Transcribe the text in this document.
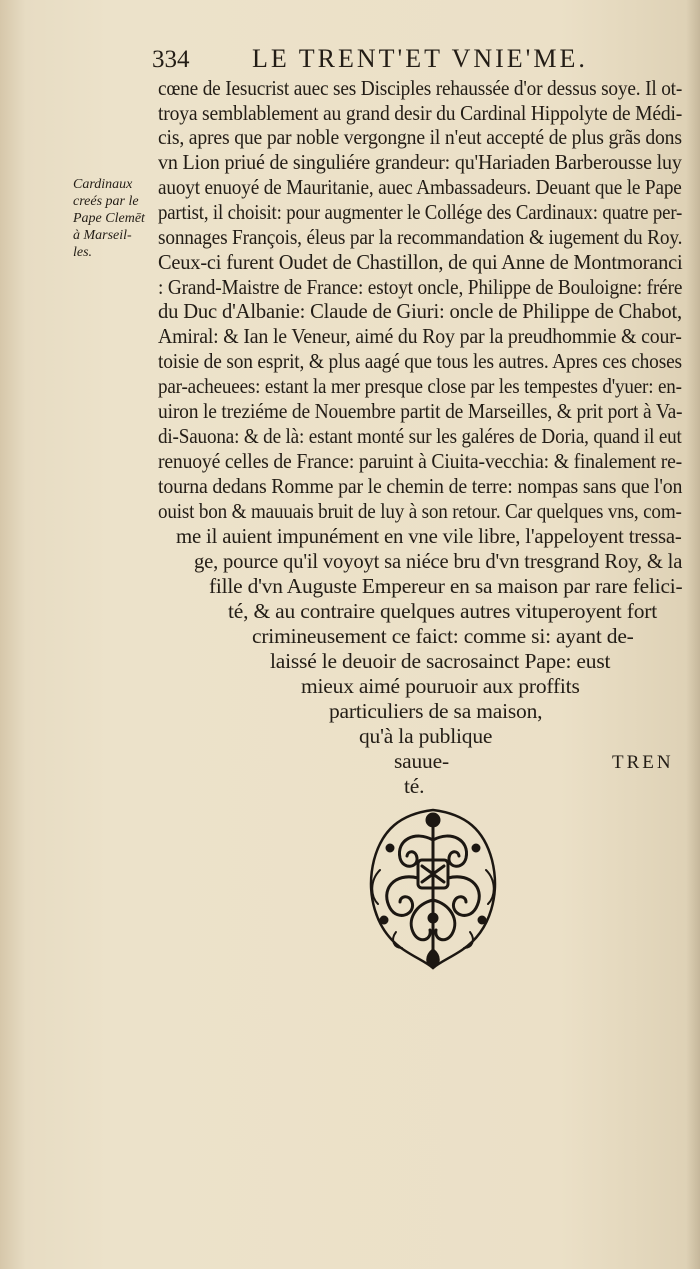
334 LE TRENT'ET VNIE'ME.
Cardinaux
creés par le
Pape Clemēt
à Marseil-
les.
cœne de Iesucrist auec ses Disciples rehaussée d'or dessus soye. Il ot-
troya semblablement au grand desir du Cardinal Hippolyte de Médi-
cis, apres que par noble vergongne il n'eut accepté de plus grãs dons
vn Lion priué de singuliére grandeur: qu'Hariaden Barberousse luy
auoyt enuoyé de Mauritanie, auec Ambassadeurs. Deuant que le Pape
partist, il choisit: pour augmenter le Collége des Cardinaux: quatre per-
sonnages François, éleus par la recommandation & iugement du Roy.
Ceux-ci furent Oudet de Chastillon, de qui Anne de Montmoranci
: Grand-Maistre de France: estoyt oncle, Philippe de Bouloigne: frére
du Duc d'Albanie: Claude de Giuri: oncle de Philippe de Chabot,
Amiral: & Ian le Veneur, aimé du Roy par la preudhommie & cour-
toisie de son esprit, & plus aagé que tous les autres. Apres ces choses
par-acheuees: estant la mer presque close par les tempestes d'yuer: en-
uiron le treziéme de Nouembre partit de Marseilles, & prit port à Va-
di-Sauona: & de là: estant monté sur les galéres de Doria, quand il eut
renuoyé celles de France: paruint à Ciuita-vecchia: & finalement re-
tourna dedans Romme par le chemin de terre: nompas sans que l'on
ouist bon & mauuais bruit de luy à son retour. Car quelques vns, com-
me il auient impunément en vne vile libre, l'appeloyent tressa-
ge, pource qu'il voyoyt sa niéce bru d'vn tresgrand Roy, & la
fille d'vn Auguste Empereur en sa maison par rare felici-
té, & au contraire quelques autres vituperoyent fort
crimineusement ce faict: comme si: ayant de-
laissé le deuoir de sacrosainct Pape: eust
mieux aimé pouruoir aux proffits
particuliers de sa maison,
qu'à la publique
sauue-
té.
TREN
